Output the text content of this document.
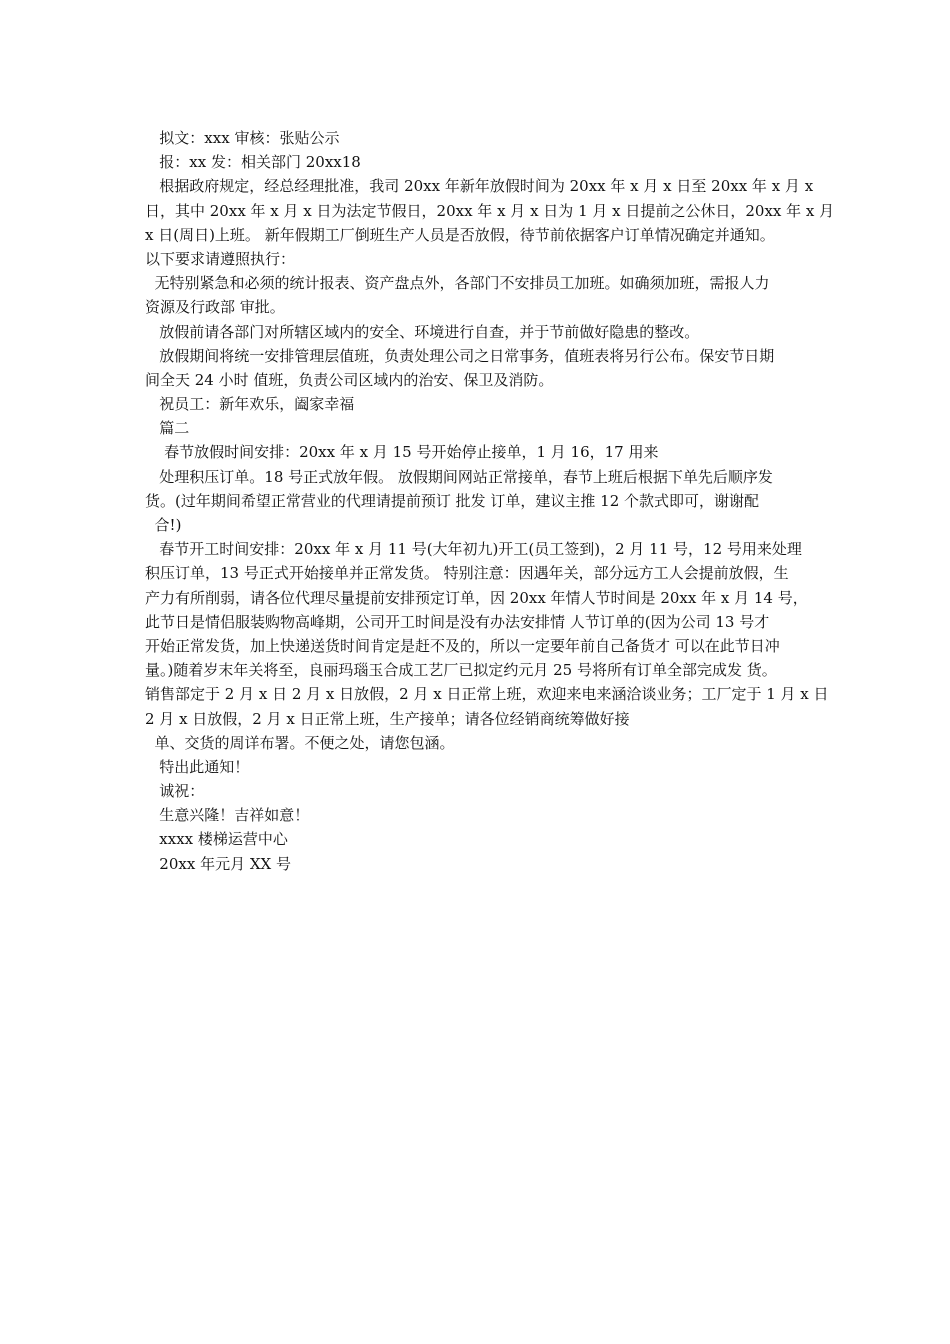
拟文：xxx 审核：张贴公示
报：xx 发：相关部门 20xx18
根据政府规定，经总经理批准，我司 20xx 年新年放假时间为 20xx 年 x 月 x 日至 20xx 年 x 月 x
日，其中 20xx 年 x 月 x 日为法定节假日，20xx 年 x 月 x 日为 1 月 x 日提前之公休日，20xx 年 x 月
x 日(周日)上班。 新年假期工厂倒班生产人员是否放假，待节前依据客户订单情况确定并通知。
以下要求请遵照执行：
无特别紧急和必须的统计报表、资产盘点外，各部门不安排员工加班。如确须加班，需报人力
资源及行政部 审批。
放假前请各部门对所辖区域内的安全、环境进行自查，并于节前做好隐患的整改。
放假期间将统一安排管理层值班，负责处理公司之日常事务，值班表将另行公布。保安节日期
间全天 24 小时 值班，负责公司区域内的治安、保卫及消防。
祝员工：新年欢乐，阖家幸福
篇二
春节放假时间安排：20xx 年 x 月 15 号开始停止接单，1 月 16，17 用来
处理积压订单。18 号正式放年假。 放假期间网站正常接单，春节上班后根据下单先后顺序发
货。(过年期间希望正常营业的代理请提前预订 批发 订单，建议主推 12 个款式即可，谢谢配
合!)
春节开工时间安排：20xx 年 x 月 11 号(大年初九)开工(员工签到)，2 月 11 号，12 号用来处理
积压订单，13 号正式开始接单并正常发货。 特别注意：因遇年关，部分远方工人会提前放假，生
产力有所削弱，请各位代理尽量提前安排预定订单，因 20xx 年情人节时间是 20xx 年 x 月 14 号，
此节日是情侣服装购物高峰期，公司开工时间是没有办法安排情 人节订单的(因为公司 13 号才
开始正常发货，加上快递送货时间肯定是赶不及的，所以一定要年前自己备货才 可以在此节日冲
量。)随着岁末年关将至，良丽玛瑙玉合成工艺厂已拟定约元月 25 号将所有订单全部完成发 货。
销售部定于 2 月 x 日 2 月 x 日放假，2 月 x 日正常上班，欢迎来电来涵洽谈业务；工厂定于 1 月 x 日
2 月 x 日放假，2 月 x 日正常上班，生产接单；请各位经销商统筹做好接
单、交货的周详布署。不便之处，请您包涵。
特出此通知！
诚祝：
生意兴隆！吉祥如意！
xxxx 楼梯运营中心
20xx 年元月 XX 号
